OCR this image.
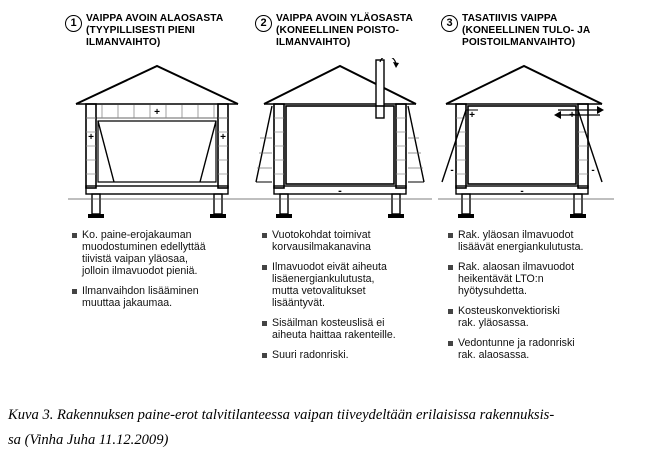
1 VAIPPA AVOIN ALAOSASTA
(TYYPILLISESTI PIENI
ILMANVAIHTO)
+
+	+
Ko. paine-erojakauman
muodostuminen edellyttää
tiivistä vaipan yläosaa,
jolloin ilmavuodot pieniä.
Ilmanvaihdon lisääminen
muuttaa jakaumaa.
2 VAIPPA AVOIN YLÄOSASTA
(KONEELLINEN POISTO-
ILMANVAIHTO)
-
Vuotokohdat toimivat
korvausilmakanavina
Ilmavuodot eivät aiheuta
lisäenergiankulutusta,
mutta vetovalitukset
lisääntyvät.
Sisäilman kosteuslisä ei
aiheuta haittaa rakenteille.
Suuri radonriski.
3 TASATIIVIS VAIPPA
(KONEELLINEN TULO- JA
POISTOILMANVAIHTO)
+	+
-	-
-
Rak. yläosan ilmavuodot
lisäävät energiankulutusta.
Rak. alaosan ilmavuodot
heikentävät LTO:n
hyötysuhdetta.
Kosteuskonvektioriski
rak. yläosassa.
Vedontunne ja radonriski
rak. alaosassa.
Kuva 3. Rakennuksen paine-erot talvitilanteessa vaipan tiiveydeltään erilaisissa rakennuksis-
sa (Vinha Juha 11.12.2009)
